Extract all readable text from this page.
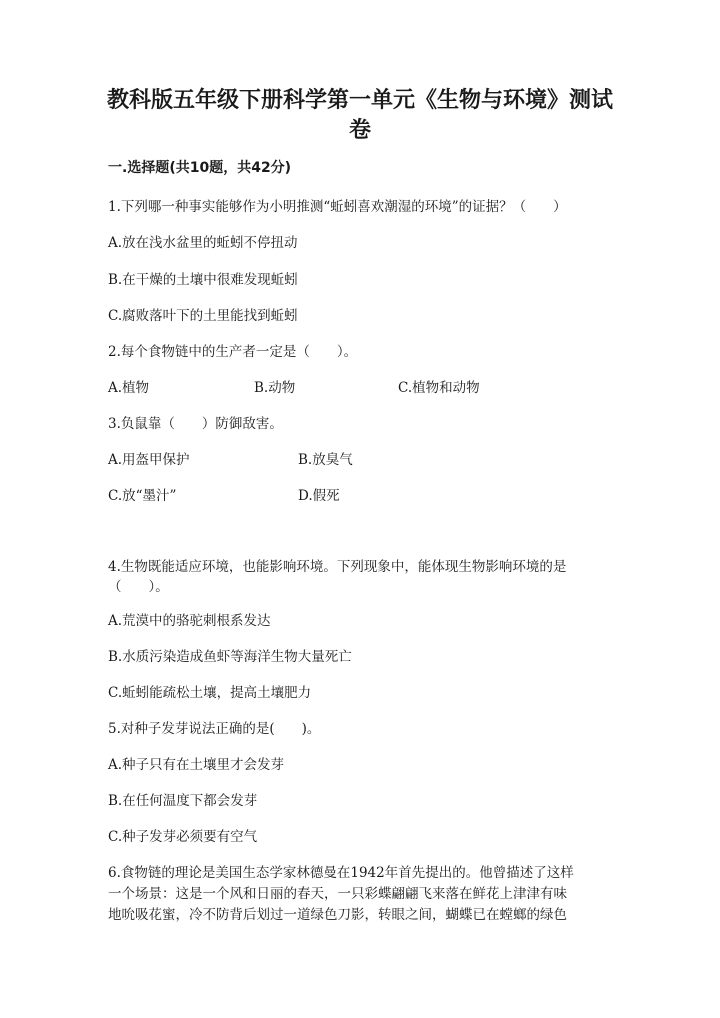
教科版五年级下册科学第一单元《生物与环境》测试卷
一.选择题(共10题，共42分)
1.下列哪一种事实能够作为小明推测“蚯蚓喜欢潮湿的环境”的证据？（　　）
A.放在浅水盆里的蚯蚓不停扭动
B.在干燥的土壤中很难发现蚯蚓
C.腐败落叶下的土里能找到蚯蚓
2.每个食物链中的生产者一定是（　　）。
A.植物	B.动物	C.植物和动物
3.负鼠靠（　　）防御敌害。
A.用盔甲保护	B.放臭气
C.放“墨汁”	D.假死
4.生物既能适应环境，也能影响环境。下列现象中，能体现生物影响环境的是（　　）。
A.荒漠中的骆驼刺根系发达
B.水质污染造成鱼虾等海洋生物大量死亡
C.蚯蚓能疏松土壤，提高土壤肥力
5.对种子发芽说法正确的是(　　)。
A.种子只有在土壤里才会发芽
B.在任何温度下都会发芽
C.种子发芽必须要有空气
6.食物链的理论是美国生态学家林德曼在1942年首先提出的。他曾描述了这样
一个场景：这是一个风和日丽的春天，一只彩蝶翩翩飞来落在鲜花上津津有味
地吮吸花蜜，冷不防背后划过一道绿色刀影，转眼之间，蝴蝶已在螳螂的绿色
